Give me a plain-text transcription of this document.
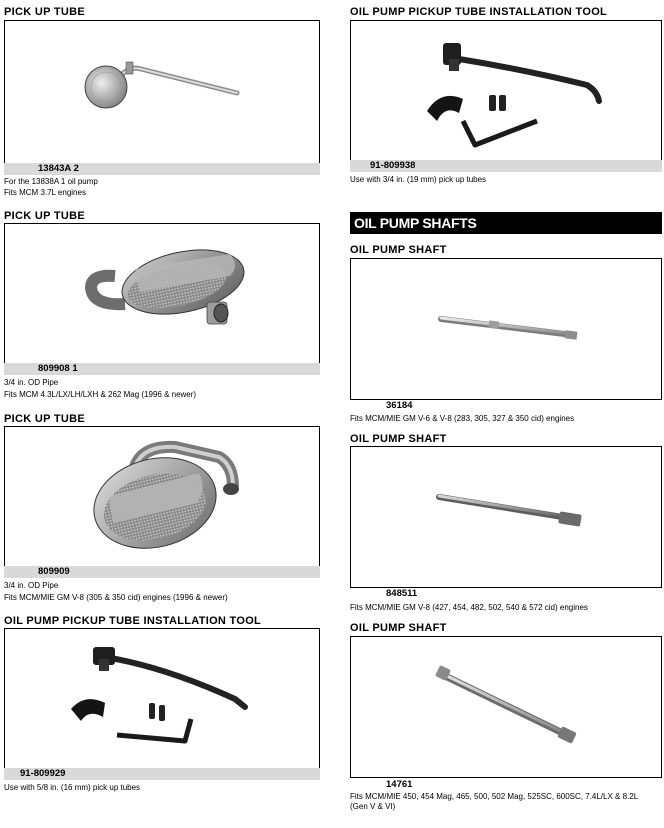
PICK UP TUBE
13843A 2
For the 13838A 1 oil pump
Fits MCM 3.7L engines
PICK UP TUBE
809908 1
3/4 in. OD Pipe
Fits MCM 4.3L/LX/LH/LXH & 262 Mag (1996 & newer)
PICK UP TUBE
809909
3/4 in. OD Pipe
Fits MCM/MIE GM V-8 (305 & 350 cid) engines (1996 & newer)
OIL PUMP PICKUP TUBE INSTALLATION TOOL
91-809929
Use with 5/8 in. (16 mm) pick up tubes
OIL PUMP PICKUP TUBE INSTALLATION TOOL
91-809938
Use with 3/4 in. (19 mm) pick up tubes
OIL PUMP SHAFTS
OIL PUMP SHAFT
36184
Fits MCM/MIE GM V-6 & V-8 (283, 305, 327 & 350 cid) engines
OIL PUMP SHAFT
848511
Fits MCM/MIE GM V-8 (427, 454, 482, 502, 540 & 572 cid) engines
OIL PUMP SHAFT
14761
Fits MCM/MIE 450, 454 Mag, 465, 500, 502 Mag, 525SC, 600SC, 7.4L/LX & 8.2L
(Gen V & VI)
